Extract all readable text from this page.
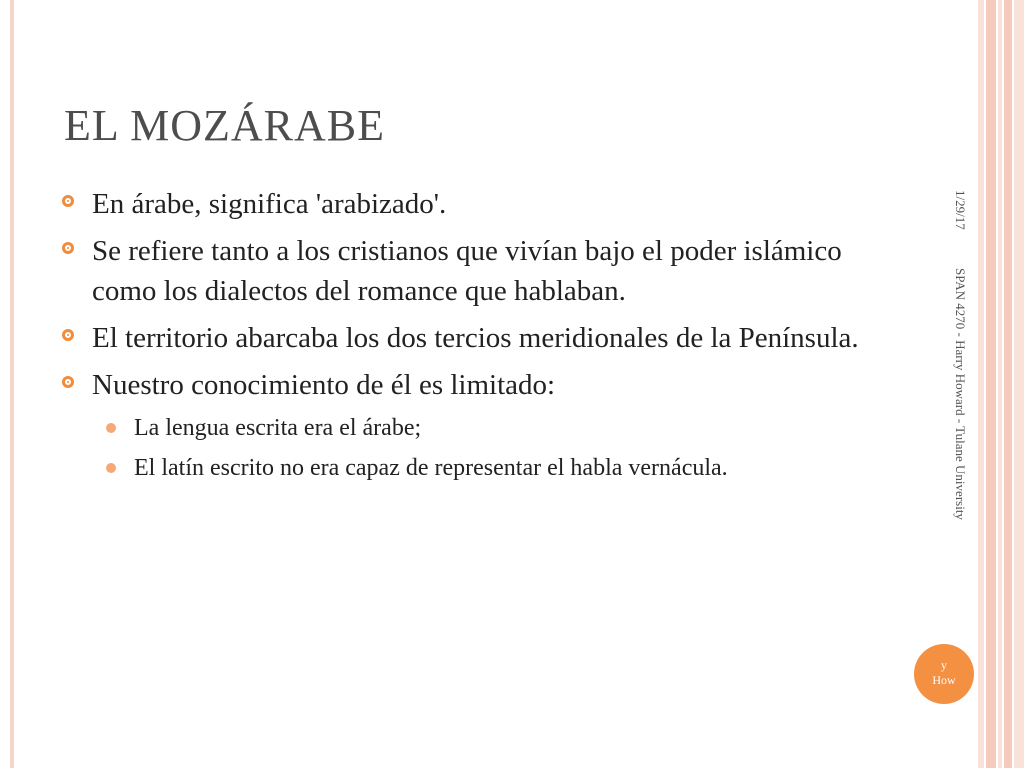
EL MOZÁRABE
En árabe, significa 'arabizado'.
Se refiere tanto a los cristianos que vivían bajo el poder islámico como los dialectos del romance que hablaban.
El territorio abarcaba los dos tercios meridionales de la Península.
Nuestro conocimiento de él es limitado:
La lengua escrita era el árabe;
El latín escrito no era capaz de representar el habla vernácula.
1/29/17
SPAN 4270 - Harry Howard - Tulane University
y
How
